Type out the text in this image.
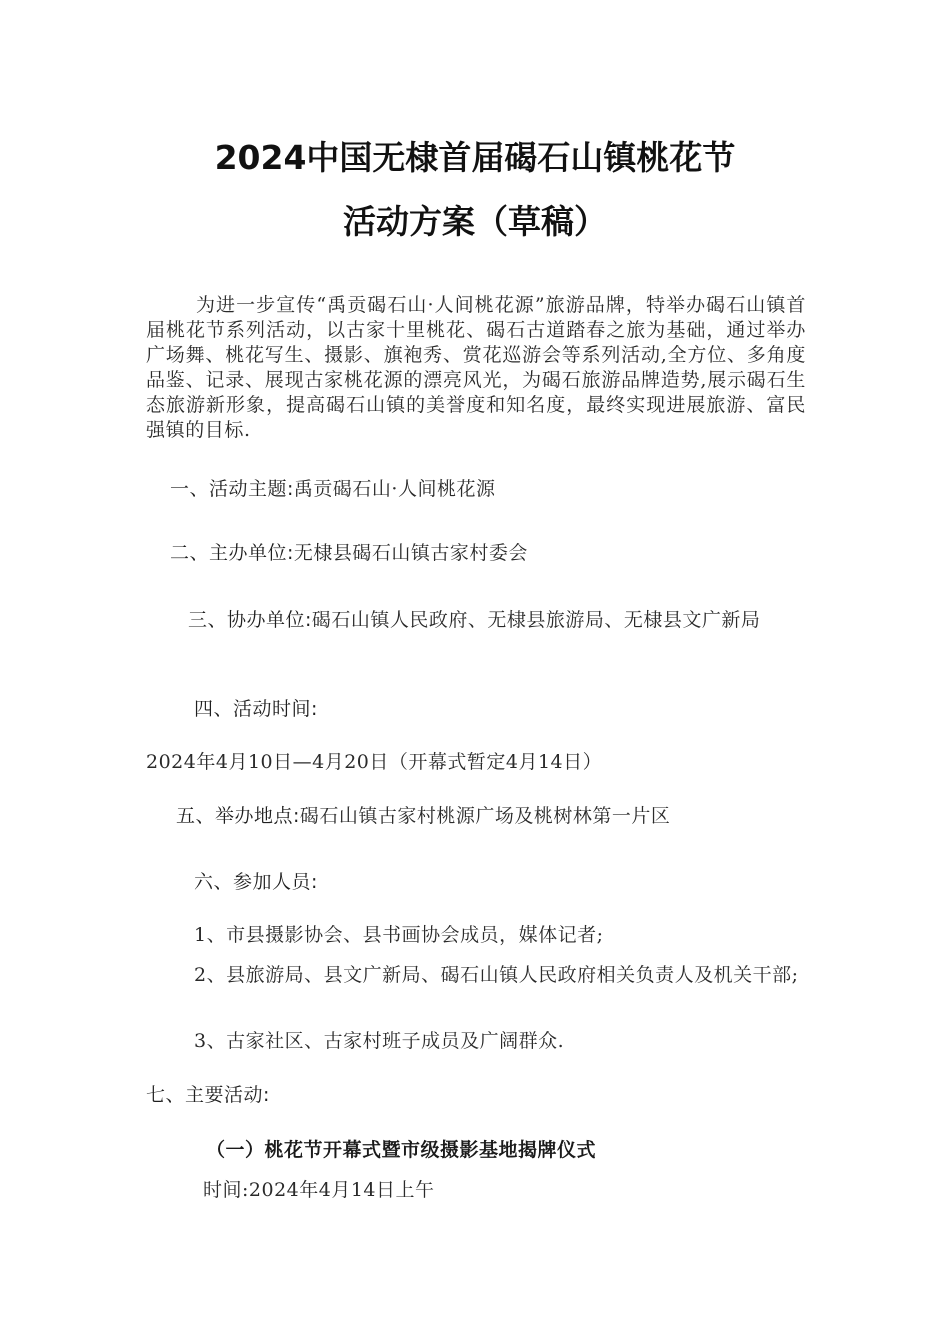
2024中国无棣首届碣石山镇桃花节
活动方案（草稿）
为进一步宣传“禹贡碣石山·人间桃花源”旅游品牌，特举办碣石山镇首届桃花节系列活动，以古家十里桃花、碣石古道踏春之旅为基础，通过举办广场舞、桃花写生、摄影、旗袍秀、赏花巡游会等系列活动,全方位、多角度品鉴、记录、展现古家桃花源的漂亮风光，为碣石旅游品牌造势,展示碣石生态旅游新形象，提高碣石山镇的美誉度和知名度，最终实现进展旅游、富民强镇的目标.
一、活动主题:禹贡碣石山·人间桃花源
二、主办单位:无棣县碣石山镇古家村委会
三、协办单位:碣石山镇人民政府、无棣县旅游局、无棣县文广新局
四、活动时间:
2024年4月10日—4月20日（开幕式暂定4月14日）
五、举办地点:碣石山镇古家村桃源广场及桃树林第一片区
六、参加人员:
1、市县摄影协会、县书画协会成员，媒体记者;
2、县旅游局、县文广新局、碣石山镇人民政府相关负责人及机关干部;
3、古家社区、古家村班子成员及广阔群众.
七、主要活动:
（一）桃花节开幕式暨市级摄影基地揭牌仪式
时间:2024年4月14日上午
